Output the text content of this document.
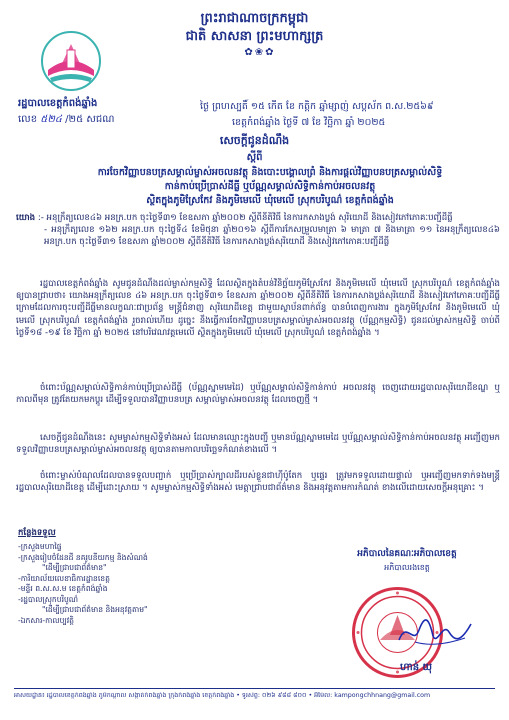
ព្រះរាជាណាចក្រកម្ពុជា
ជាតិ សាសនា ព្រះមហាក្សត្រ
✿❀✿
រដ្ឋបាលខេត្តកំពង់ឆ្នាំង
លេខ ៥២៤ /២៥ សជណ
ថ្ងៃ ព្រហស្បតិ៍ ១៥ កើត ខែ កត្តិក ឆ្នាំម្សាញ់ សប្តស័ក ព.ស.២៥៦៩
ខេត្តកំពង់ឆ្នាំង ថ្ងៃទី ៧ ខែ វិច្ឆិកា ឆ្នាំ ២០២៥
សេចក្តីជូនដំណឹង
ស្តីពី
ការចែកវិញ្ញាបនបត្រសម្គាល់ម្ចាស់អចលនវត្ថុ និងបោះបង្គោលព្រំ និងការផ្តល់វិញ្ញាបនបត្រសម្គាល់សិទ្ធិ
កាន់កាប់ប្រើប្រាស់ដីធ្លី ឬប័ណ្ណសម្គាល់សិទ្ធិកាន់កាប់អចលនវត្ថុ
ស្ថិតក្នុងភូមិស្រែកែវ និងភូមិមេលើ ឃុំមេលើ ស្រុកបរិបូណ៌ ខេត្តកំពង់ឆ្នាំង
យោង :- អនុក្រឹត្យលេខ៤៦ អនក្រ.បក ចុះថ្ងៃទី៣១ ខែឧសភា ឆ្នាំ២០០២ ស្តីពីនីតិវិធី នៃការកសាងប្លង់ សុរិយោដី និងសៀវភៅភោគៈបញ្ជីដីធ្លី
- អនុក្រឹត្យលេខ ១៦២ អនក្រ.បក ចុះថ្ងៃទី៤ ខែមិថុនា ឆ្នាំ២០១៦ ស្តីពីការកែសម្រួលមាត្រា ៦ មាត្រា ៧ និងមាត្រា ១១ នៃអនុក្រឹត្យលេខ៤៦ អនក្រ.បក ចុះថ្ងៃទី៣១ ខែឧសភា ឆ្នាំ២០០២ ស្តីពីនីតិវិធី នៃការកសាងប្លង់សុរិយោដី និងសៀវភៅភោគៈបញ្ជីដីធ្លី
រដ្ឋបាលខេត្តកំពង់ឆ្នាំង សូមជូនដំណឹងដល់ម្ចាស់កម្មសិទ្ធិ ដែលស្ថិតក្នុងតំបន់វិនិច្ឆ័យភូមិស្រែកែវ និងភូមិមេលើ ឃុំមេលើ ស្រុកបរិបូណ៌ ខេត្តកំពង់ឆ្នាំង ឲ្យបានជ្រាបថា៖ យោងអនុក្រឹត្យលេខ ៤៦ អនក្រ.បក ចុះថ្ងៃទី៣១ ខែឧសភា ឆ្នាំ២០០២ ស្តីពីនីតិវិធី នៃការកសាងប្លង់សុរិយោដី និងសៀវភៅភោគៈបញ្ជីដីធ្លី ក្រោមដែលការចុះបញ្ជីដីធ្លីមានលក្ខណៈជាប្រព័ន្ធ មន្ត្រីជំនាញ សុរិយោដីខេត្ត ជាមួយស្ថាប័នពាក់ព័ន្ធ បានបំពេញការងារ ក្នុងភូមិស្រែកែវ និងភូមិមេលើ ឃុំមេលើ ស្រុកបរិបូណ៌ ខេត្តកំពង់ឆ្នាំង រួចរាល់ហើយ ដូច្នេះ នឹងធ្វើការចែកវិញ្ញាបនបត្រសម្គាល់ម្ចាស់អចលនវត្ថុ (ប័ណ្ណកម្មសិទ្ធិ) ជូនដល់ម្ចាស់កម្មសិទ្ធិ ចាប់ពីថ្ងៃទី១៨ -១៩ ខែ វិច្ឆិកា ឆ្នាំ ២០២៥ នៅបរិវេណវត្តមេលើ ស្ថិតក្នុងភូមិមេលើ ឃុំមេលើ ស្រុកបរិបូណ៌ ខេត្តកំពង់ឆ្នាំង ។
ចំពោះប័ណ្ណសម្គាល់សិទ្ធិកាន់កាប់ប្រើប្រាស់ដីធ្លី (ប័ណ្ណស្នាមមេដៃ) ឬប័ណ្ណសម្គាល់សិទ្ធិកាន់កាប់ អចលនវត្ថុ ចេញដោយរដ្ឋបាលសុរិយោដីខណ្ឌ ឬកាលពីមុន ត្រូវតែយកមកប្តូរ ដើម្បីទទួលបានវិញ្ញាបនបត្រ សម្គាល់ម្ចាស់អចលនវត្ថុ ដែលចេញថ្មី ។
សេចក្តីជូនដំណឹងនេះ សូមម្ចាស់កម្មសិទ្ធិទាំងអស់ ដែលមានឈ្មោះក្នុងបញ្ជី ឬមានប័ណ្ណស្នាមមេដៃ ឬប័ណ្ណសម្គាល់សិទ្ធិកាន់កាប់អចលនវត្ថុ អញ្ជើញមកទទួលវិញ្ញាបនបត្រសម្គាល់ម្ចាស់អចលនវត្ថុ ឲ្យបានតាមកាលបរិច្ឆេទកំណត់ខាងលើ ។
ចំពោះម្ចាស់បំណុលដែលបានទទួលបញ្ជាក់ ឬប្រើប្រាស់ក្បាលដីរបស់ខ្លួនជាហ៊ីប៉ូតែក ឬផ្ទេរ ត្រូវមកទទួលដោយផ្ទាល់ ឬអញ្ជើញមកទាក់ទងមន្ត្រីរដ្ឋបាលសុរិយោដីខេត្ត ដើម្បីដោះស្រាយ ។ សូមម្ចាស់កម្មសិទ្ធិទាំងអស់ មេត្តាជ្រាបជាព័ត៌មាន និងអនុវត្តតាមការកំណត់ ខាងលើដោយសេចក្តីអនុគ្រោះ ។
កន្លែងទទួល
-ក្រសួងមហាផ្ទៃ
-ក្រសួងរៀបចំដែនដី នគរូបនីយកម្ម និងសំណង់
"ដើម្បីជ្រាបជាព័ត៌មាន"
-ការិយាល័យលេខាធិការដ្ឋានខេត្ត
-មន្ទីរ ព.ស.ស.ម ខេត្តកំពង់ឆ្នាំង
-រដ្ឋបាលស្រុកបរិបូណ៌
"ដើម្បីជ្រាបជាព័ត៌មាន និងអនុវត្តតាម"
-ឯកសារ-កាលប្បវត្តិ
អភិបាលនៃគណៈអភិបាលខេត្ត
អភិបាលរងខេត្ត
ហាន់ យុ
អាសយដ្ឋាន៖ រដ្ឋបាលខេត្តកំពង់ឆ្នាំង ភូមិកណ្តាល សង្កាត់កំពង់ឆ្នាំង ក្រុងកំពង់ឆ្នាំង ខេត្តកំពង់ឆ្នាំង • ទូរស័ព្ទ: ០២៦ ៩៨៨ ៨០០ • អ៊ីម៉ែល: kampongchhnang@gmail.com
